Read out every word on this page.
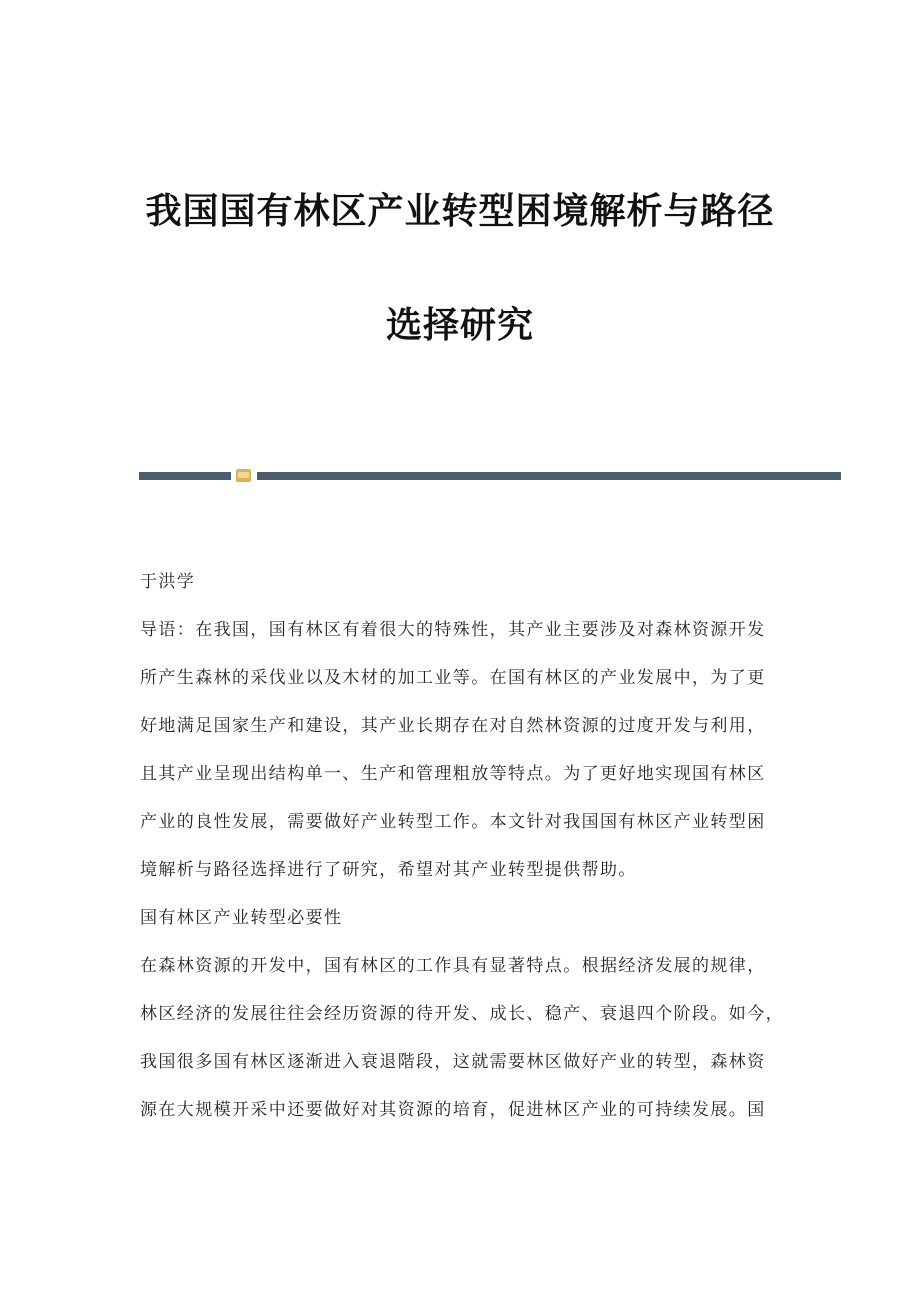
我国国有林区产业转型困境解析与路径
选择研究

于洪学

导语：在我国，国有林区有着很大的特殊性，其产业主要涉及对森林资源开发

所产生森林的采伐业以及木材的加工业等。在国有林区的产业发展中，为了更

好地满足国家生产和建设，其产业长期存在对自然林资源的过度开发与利用，

且其产业呈现出结构单一、生产和管理粗放等特点。为了更好地实现国有林区

产业的良性发展，需要做好产业转型工作。本文针对我国国有林区产业转型困

境解析与路径选择进行了研究，希望对其产业转型提供帮助。

国有林区产业转型必要性

在森林资源的开发中，国有林区的工作具有显著特点。根据经济发展的规律，

林区经济的发展往往会经历资源的待开发、成长、稳产、衰退四个阶段。如今，

我国很多国有林区逐渐进入衰退階段，这就需要林区做好产业的转型，森林资

源在大规模开采中还要做好对其资源的培育，促进林区产业的可持续发展。国
